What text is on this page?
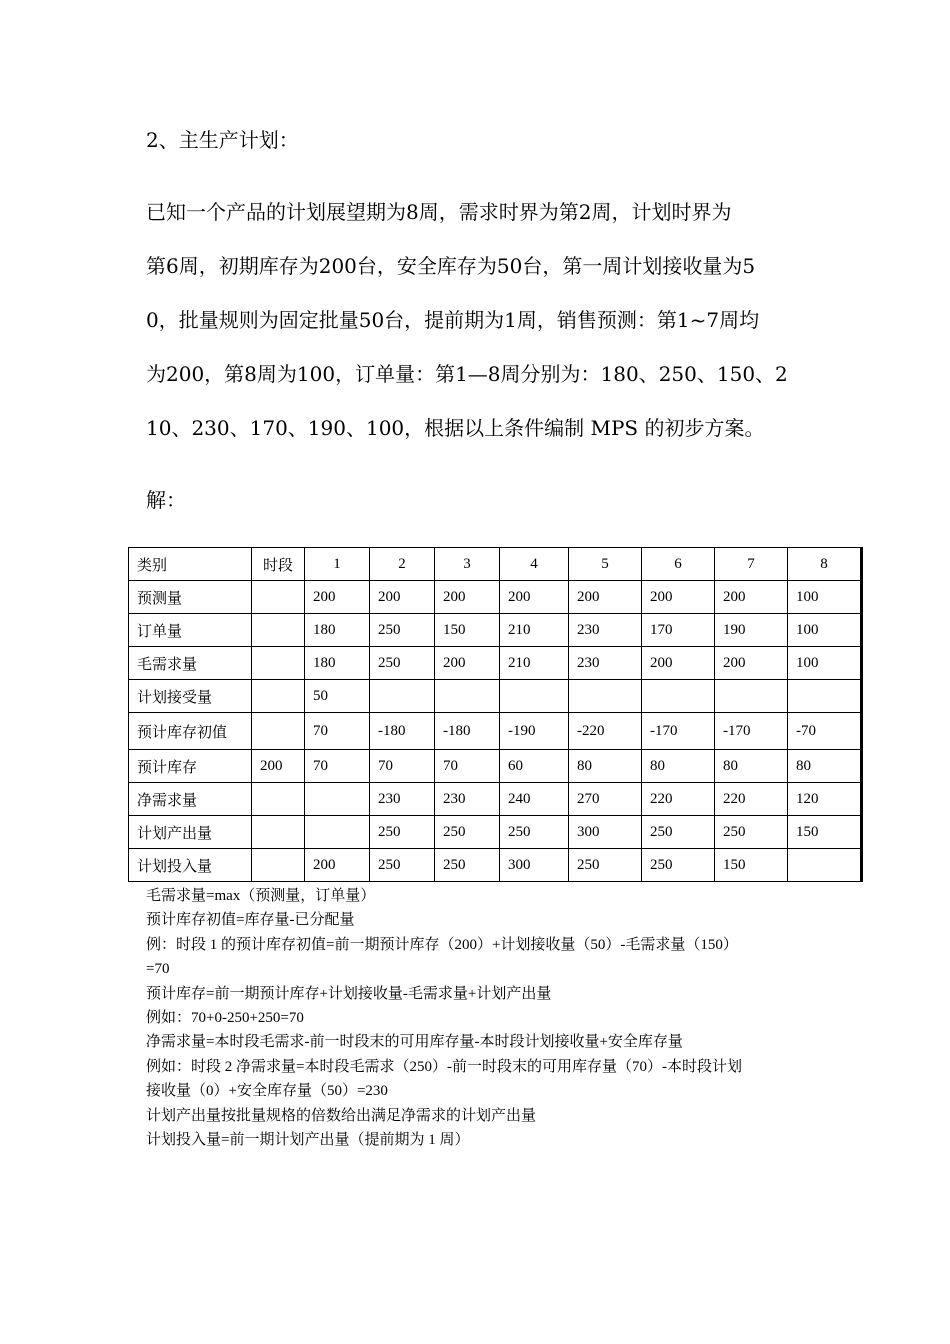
2、主生产计划：
已知一个产品的计划展望期为8周，需求时界为第2周，计划时界为
第6周，初期库存为200台，安全库存为50台，第一周计划接收量为5
0，批量规则为固定批量50台，提前期为1周，销售预测：第1~7周均
为200，第8周为100，订单量：第1—8周分别为：180、250、150、2
10、230、170、190、100，根据以上条件编制 MPS 的初步方案。
解：
类别	时段	1	2	3	4	5	6	7	8
预测量		200	200	200	200	200	200	200	100
订单量		180	250	150	210	230	170	190	100
毛需求量		180	250	200	210	230	200	200	100
计划接受量		50							
预计库存初值		70	-180	-180	-190	-220	-170	-170	-70
预计库存	200	70	70	70	60	80	80	80	80
净需求量			230	230	240	270	220	220	120
计划产出量			250	250	250	300	250	250	150
计划投入量		200	250	250	300	250	250	150	
毛需求量=max（预测量，订单量）
预计库存初值=库存量-已分配量
例：时段 1 的预计库存初值=前一期预计库存（200）+计划接收量（50）-毛需求量（150）
=70
预计库存=前一期预计库存+计划接收量-毛需求量+计划产出量
例如：70+0-250+250=70
净需求量=本时段毛需求-前一时段末的可用库存量-本时段计划接收量+安全库存量
例如：时段 2 净需求量=本时段毛需求（250）-前一时段末的可用库存量（70）-本时段计划
接收量（0）+安全库存量（50）=230
计划产出量按批量规格的倍数给出满足净需求的计划产出量
计划投入量=前一期计划产出量（提前期为 1 周）
